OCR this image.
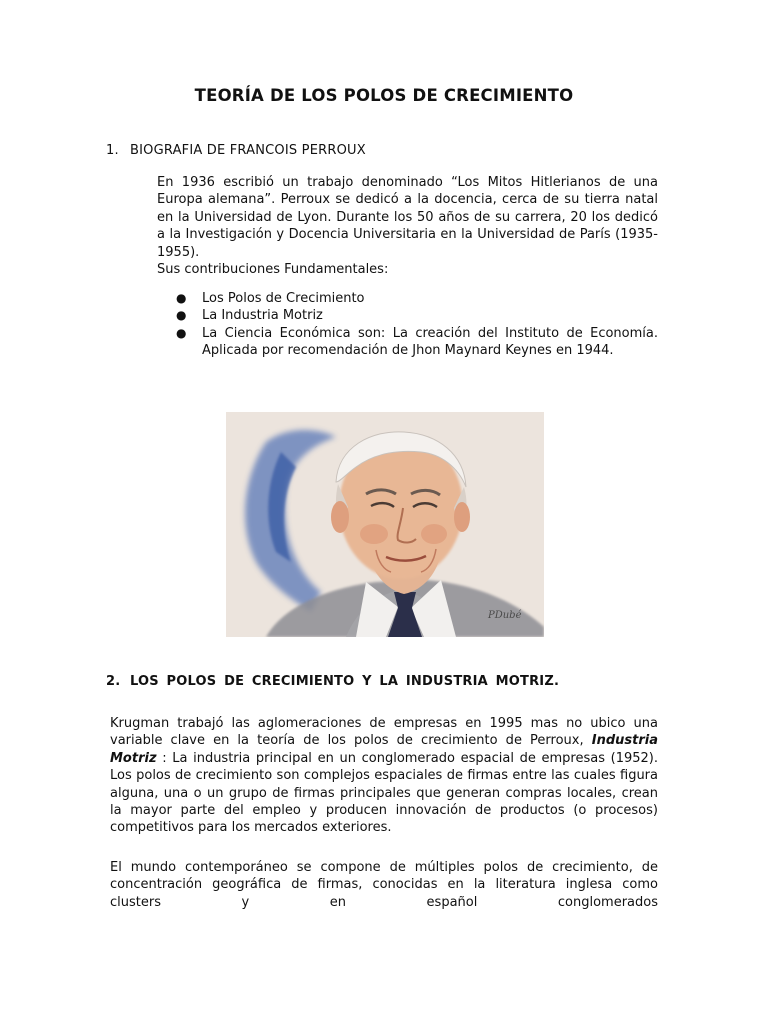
TEORÍA DE LOS POLOS DE CRECIMIENTO
1. BIOGRAFIA DE FRANCOIS PERROUX
En 1936 escribió un trabajo denominado “Los Mitos Hitlerianos de una Europa alemana”. Perroux se dedicó a la docencia, cerca de su tierra natal en la Universidad de Lyon. Durante los 50 años de su carrera, 20 los dedicó a la Investigación y Docencia Universitaria en la Universidad de París (1935-1955).
Sus contribuciones Fundamentales:
● Los Polos de Crecimiento
● La Industria Motriz
● La Ciencia Económica son: La creación del Instituto de Economía. Aplicada por recomendación de Jhon Maynard Keynes en 1944.
PDubé
2. LOS POLOS DE CRECIMIENTO Y LA INDUSTRIA MOTRIZ.
Krugman trabajó las aglomeraciones de empresas en 1995 mas no ubico una variable clave en la teoría de los polos de crecimiento de Perroux, Industria Motriz : La industria principal en un conglomerado espacial de empresas (1952). Los polos de crecimiento son complejos espaciales de firmas entre las cuales figura alguna, una o un grupo de firmas principales que generan compras locales, crean la mayor parte del empleo y producen innovación de productos (o procesos) competitivos para los mercados exteriores.
El mundo contemporáneo se compone de múltiples polos de crecimiento, de concentración geográfica de firmas, conocidas en la literatura inglesa como clusters y en español conglomerados
